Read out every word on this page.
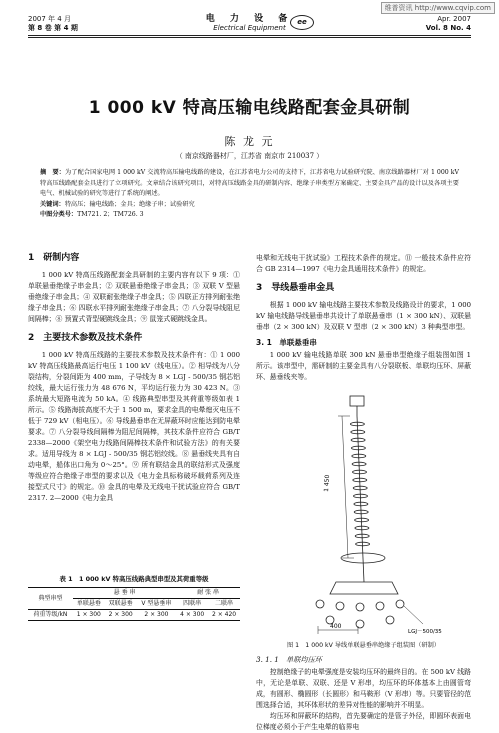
维普资讯 http://www.cqvip.com
2007 年 4 月
第 8 卷 第 4 期
电 力 设 备
Electrical Equipment
ee	Apr. 2007
Vol. 8 No. 4
1 000 kV 特高压输电线路配套金具研制
陈 龙 元
（ 南京线路器材厂，江苏省 南京市 210037 ）
摘　要：为了配合国家电网 1 000 kV 交流特高压输电线路的建设，在江苏省电力公司的支持下，江苏省电力试验研究院、南京线路器材厂对 1 000 kV 特高压线路配套金具进行了立项研究。文章结合该研究项目，对特高压线路金具的研制内容、绝缘子串类型方案确定、主要金具产品的设计以及各项主要电气、机械试验的研究等进行了系统的阐述。
关键词：特高压；输电线路；金具；绝缘子串；试验研究
中图分类号：TM721. 2；TM726. 3
1　研制内容

1 000 kV 特高压线路配套金具研制的主要内容有以下 9 项：① 单联悬垂绝缘子串金具；② 双联悬垂绝缘子串金具；③ 双联 V 型悬垂绝缘子串金具；④ 双联耐张绝缘子串金具；⑤ 四联正方排列耐张绝缘子串金具；⑥ 四联水平排列耐张绝缘子串金具；⑦ 八分裂导线阻尼间隔棒；⑧ 预置式背型硬跳线金具；⑨ 鼠笼式硬跳线金具。

2　主要技术参数及技术条件

1 000 kV 特高压线路的主要技术参数及技术条件有：① 1 000 kV 特高压线路最高运行电压 1 100 kV（线电压）。② 相导线为八分裂结构，分裂间距为 400 mm，子导线为 8 × LGJ - 500/35 钢芯铝绞线，最大运行张力为 48 676 N，平均运行张力为 30 423 N。③ 系统最大短路电流为 50 kA。④ 线路典型串型及其荷重等级如表 1 所示。⑤ 线路海拔高度不大于 1 500 m，要求金具的电晕熄灭电压不低于 729 kV（相电压）。⑥ 导线悬垂串在无屏蔽环时应能达到防电晕要求。⑦ 八分裂导线间隔棒为阻尼间隔棒，其技术条件应符合 GB/T 2338—2000《架空电力线路间隔棒技术条件和试验方法》的有关要求。适用导线为 8 × LGJ - 500/35 钢芯铝绞线。⑧ 悬垂线夹具有自动电晕，船体出口角为 0～25°。⑨ 所有联结金具的联结形式及强度等级应符合绝缘子串型的要求以及《电力金具标称破坏载荷系列及连接型式尺寸》的规定。⑩ 金具的电晕及无线电干扰试验应符合 GB/T 2317. 2—2000《电力金具

表 1　1 000 kV 特高压线路典型串型及其荷重等级
典型串型	悬 垂 串			耐 张 串	
	单联悬垂	双联悬垂	V 型悬垂串	四联串	二联串
荷重等级/kN	1 × 300	2 × 300	2 × 300	4 × 300	2 × 420

电晕和无线电干扰试验》工程技术条件的规定。⑪ 一般技术条件应符合 GB 2314—1997《电力金具通用技术条件》的规定。

3　导线悬垂串金具

根据 1 000 kV 输电线路主要技术参数及线路设计的要求，1 000 kV 输电线路导线悬垂串共设计了单联悬垂串（1 × 300 kN）、双联悬垂串（2 × 300 kN）及双联 V 型串（2 × 300 kN）3 种典型串型。

3. 1　单联悬垂串

1 000 kV 输电线路单联 300 kN 悬垂串型绝缘子组装图如图 1 所示。该串型中，需研制的主要金具有八分裂联板、单联均压环、屏蔽环、悬垂线夹等。

1 450
400
LGJ－500/35
图 1　1 000 kV 导线单联悬垂串绝缘子组装图（研制）
3. 1. 1　单联均压环

控制绝缘子的电晕强度是安装均压环的最终目的。在 500 kV 线路中，无论是单联、双联、还是 V 形串，均压环的环体基本上由圆管弯成，有圆形、椭圆形（长圆形）和马鞍形（V 形串）等。只要管径的范围选择合适，其环体形状的差异对性能的影响并不明显。

均压环和屏蔽环的结构，首先要确定的是管子外径，即圆环表面电位梯度必须小于产生电晕的临界电
